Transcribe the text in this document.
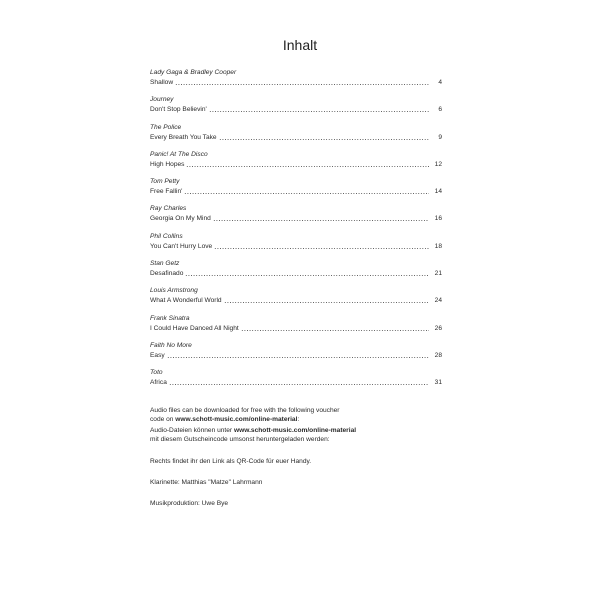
Inhalt
Lady Gaga & Bradley Cooper
Shallow	4
Journey
Don't Stop Believin'	6
The Police
Every Breath You Take	9
Panic! At The Disco
High Hopes	12
Tom Petty
Free Fallin'	14
Ray Charles
Georgia On My Mind	16
Phil Collins
You Can't Hurry Love	18
Stan Getz
Desafinado	21
Louis Armstrong
What A Wonderful World	24
Frank Sinatra
I Could Have Danced All Night	26
Faith No More
Easy	28
Toto
Africa	31

Audio files can be downloaded for free with the following voucher
code on www.schott-music.com/online-material:

Audio-Dateien können unter www.schott-music.com/online-material
mit diesem Gutscheincode umsonst heruntergeladen werden:

Rechts findet ihr den Link als QR-Code für euer Handy.

Klarinette: Matthias "Matze" Lahrmann

Musikproduktion: Uwe Bye
